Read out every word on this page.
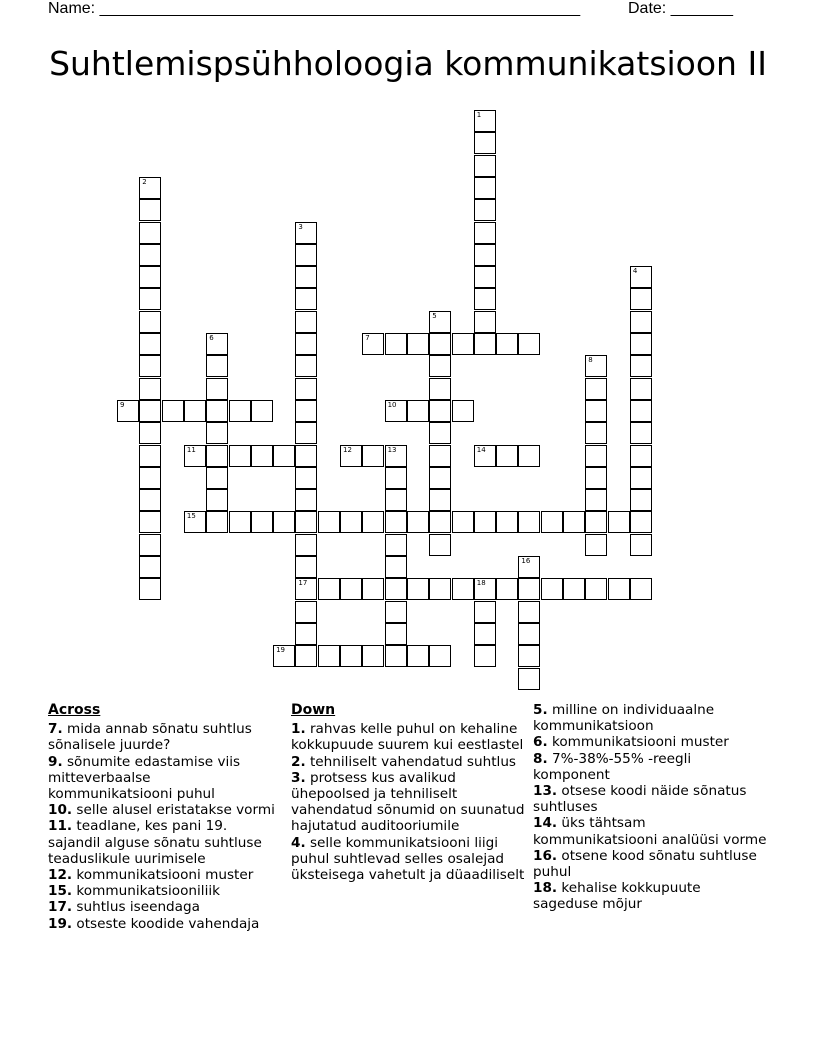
Name: ______________________________________________________	Date: _______
Suhtlemispsühholoogia kommunikatsioon II
1
2
3
17
4
5
6	7
8
9	10
11	12	13	14
15
16
18
19
Across

7. mida annab sõnatu suhtlus sõnalisele juurde?

9. sõnumite edastamise viis mitteverbaalse kommunikatsiooni puhul

10. selle alusel eristatakse vormi

11. teadlane, kes pani 19. sajandil alguse sõnatu suhtluse teaduslikule uurimisele

12. kommunikatsiooni muster

15. kommunikatsiooniliik

17. suhtlus iseendaga

19. otseste koodide vahendaja

Down

1. rahvas kelle puhul on kehaline kokkupuude suurem kui eestlastel

2. tehniliselt vahendatud suhtlus

3. protsess kus avalikud ühepoolsed ja tehniliselt vahendatud sõnumid on suunatud hajutatud auditooriumile

4. selle kommunikatsiooni liigi puhul suhtlevad selles osalejad üksteisega vahetult ja düaadiliselt

5. milline on individuaalne kommunikatsioon

6. kommunikatsiooni muster

8. 7%-38%-55% -reegli komponent

13. otsese koodi näide sõnatus suhtluses

14. üks tähtsam kommunikatsiooni analüüsi vorme

16. otsene kood sõnatu suhtluse puhul

18. kehalise kokkupuute sageduse mõjur
